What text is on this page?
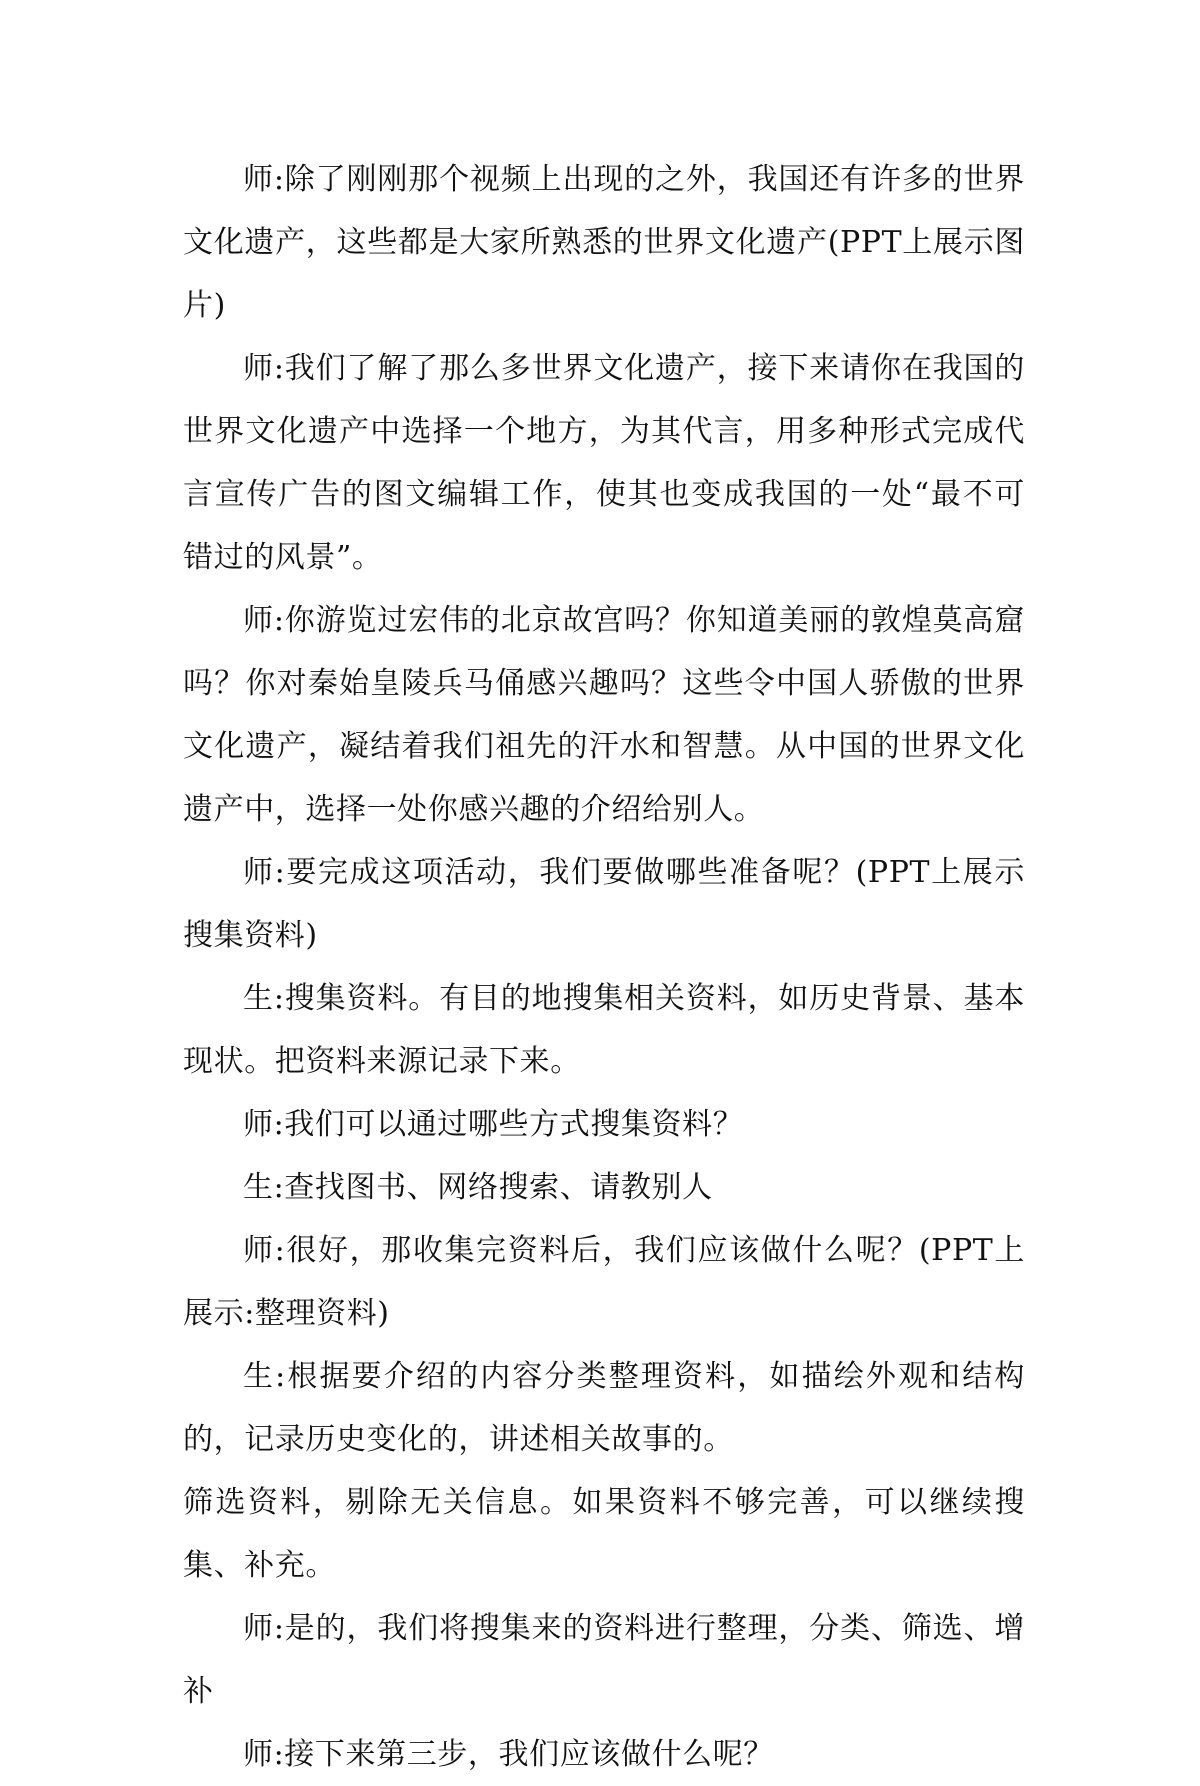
师:除了刚刚那个视频上出现的之外，我国还有许多的世界文化遗产，这些都是大家所熟悉的世界文化遗产(PPT上展示图片)

师:我们了解了那么多世界文化遗产，接下来请你在我国的世界文化遗产中选择一个地方，为其代言，用多种形式完成代言宣传广告的图文编辑工作，使其也变成我国的一处“最不可错过的风景”。

师:你游览过宏伟的北京故宫吗？你知道美丽的敦煌莫高窟吗？你对秦始皇陵兵马俑感兴趣吗？这些令中国人骄傲的世界文化遗产，凝结着我们祖先的汗水和智慧。从中国的世界文化遗产中，选择一处你感兴趣的介绍给别人。

师:要完成这项活动，我们要做哪些准备呢？(PPT上展示搜集资料)

生:搜集资料。有目的地搜集相关资料，如历史背景、基本现状。把资料来源记录下来。

师:我们可以通过哪些方式搜集资料？

生:查找图书、网络搜索、请教别人

师:很好，那收集完资料后，我们应该做什么呢？(PPT上展示:整理资料)

生:根据要介绍的内容分类整理资料，如描绘外观和结构的，记录历史变化的，讲述相关故事的。

筛选资料，剔除无关信息。如果资料不够完善，可以继续搜集、补充。

师:是的，我们将搜集来的资料进行整理，分类、筛选、增补

师:接下来第三步，我们应该做什么呢？
